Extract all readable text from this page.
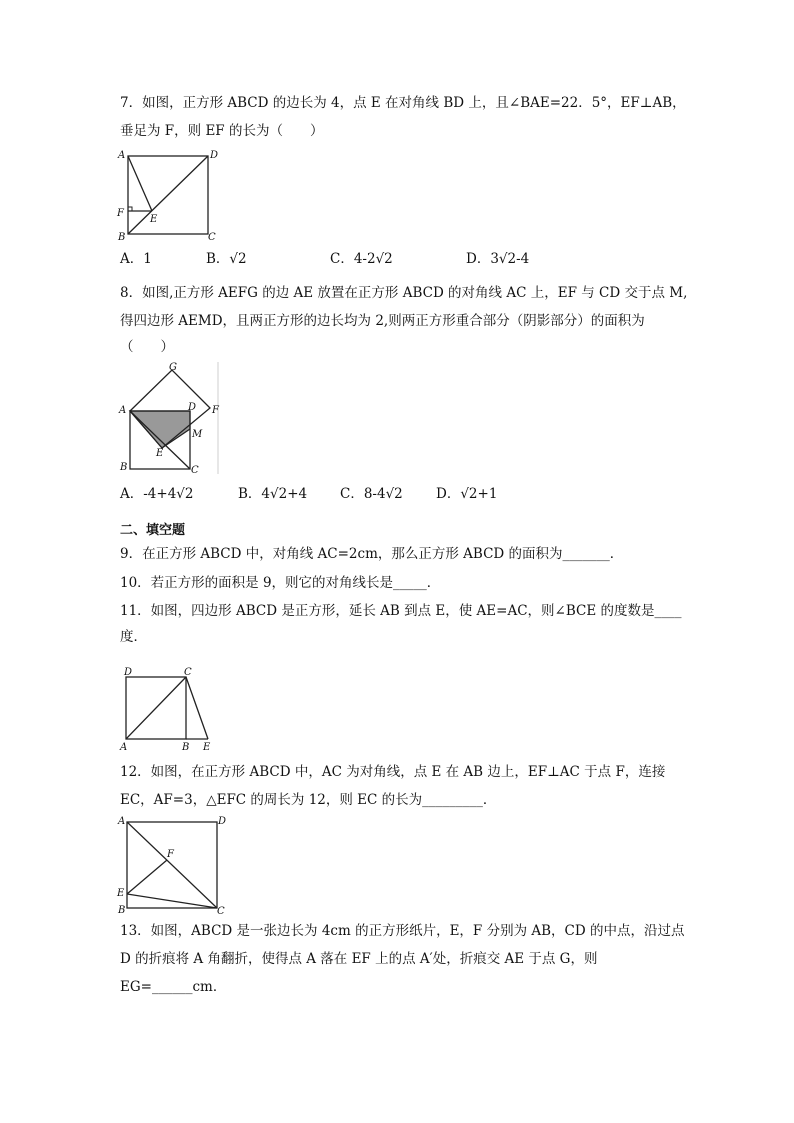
7．如图，正方形 ABCD 的边长为 4，点 E 在对角线 BD 上，且∠BAE=22．5°，EF⊥AB，
垂足为 F，则 EF 的长为（　　）
A	D
F
E
B	C
A．1	B．√2	C．4-2√2	D．3√2-4
8．如图,正方形 AEFG 的边 AE 放置在正方形 ABCD 的对角线 AC 上，EF 与 CD 交于点 M,
得四边形 AEMD，且两正方形的边长均为 2,则两正方形重合部分（阴影部分）的面积为
（　　）
G
A	D F
M
E
B	C
A．-4+4√2	B．4√2+4 C．8-4√2 D．√2+1
二、填空题
9．在正方形 ABCD 中，对角线 AC=2cm，那么正方形 ABCD 的面积为_______．
10．若正方形的面积是 9，则它的对角线长是_____．
11．如图，四边形 ABCD 是正方形，延长 AB 到点 E，使 AE=AC，则∠BCE 的度数是____
度．
D	C
A	B E
12．如图，在正方形 ABCD 中，AC 为对角线，点 E 在 AB 边上，EF⊥AC 于点 F，连接
EC，AF=3，△EFC 的周长为 12，则 EC 的长为_________．
A	D
F
E
B	C
13．如图，ABCD 是一张边长为 4cm 的正方形纸片，E，F 分别为 AB，CD 的中点，沿过点
D 的折痕将 A 角翻折，使得点 A 落在 EF 上的点 A′处，折痕交 AE 于点 G，则
EG=______cm．
